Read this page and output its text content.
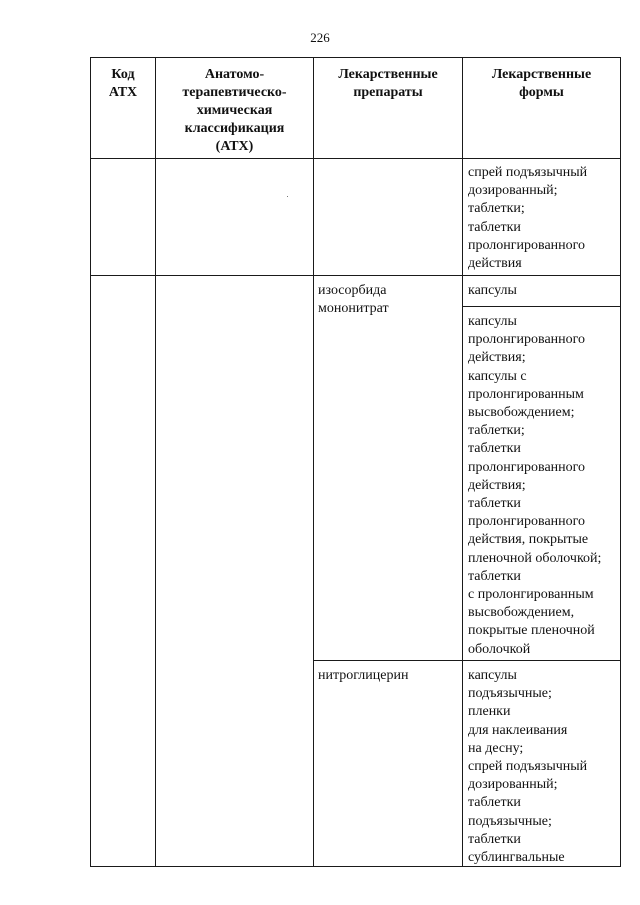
226
Код
АТХ
Анатомо-
терапевтическо-
химическая
классификация
(АТХ)
Лекарственные
препараты
Лекарственные
формы
спрей подъязычный
дозированный;
таблетки;
таблетки
пролонгированного
действия
изосорбида
мононитрат
капсулы
капсулы
пролонгированного
действия;
капсулы с
пролонгированным
высвобождением;
таблетки;
таблетки
пролонгированного
действия;
таблетки
пролонгированного
действия, покрытые
пленочной оболочкой;
таблетки
с пролонгированным
высвобождением,
покрытые пленочной
оболочкой
нитроглицерин	капсулы
подъязычные;
пленки
для наклеивания
на десну;
спрей подъязычный
дозированный;
таблетки
подъязычные;
таблетки
сублингвальные
